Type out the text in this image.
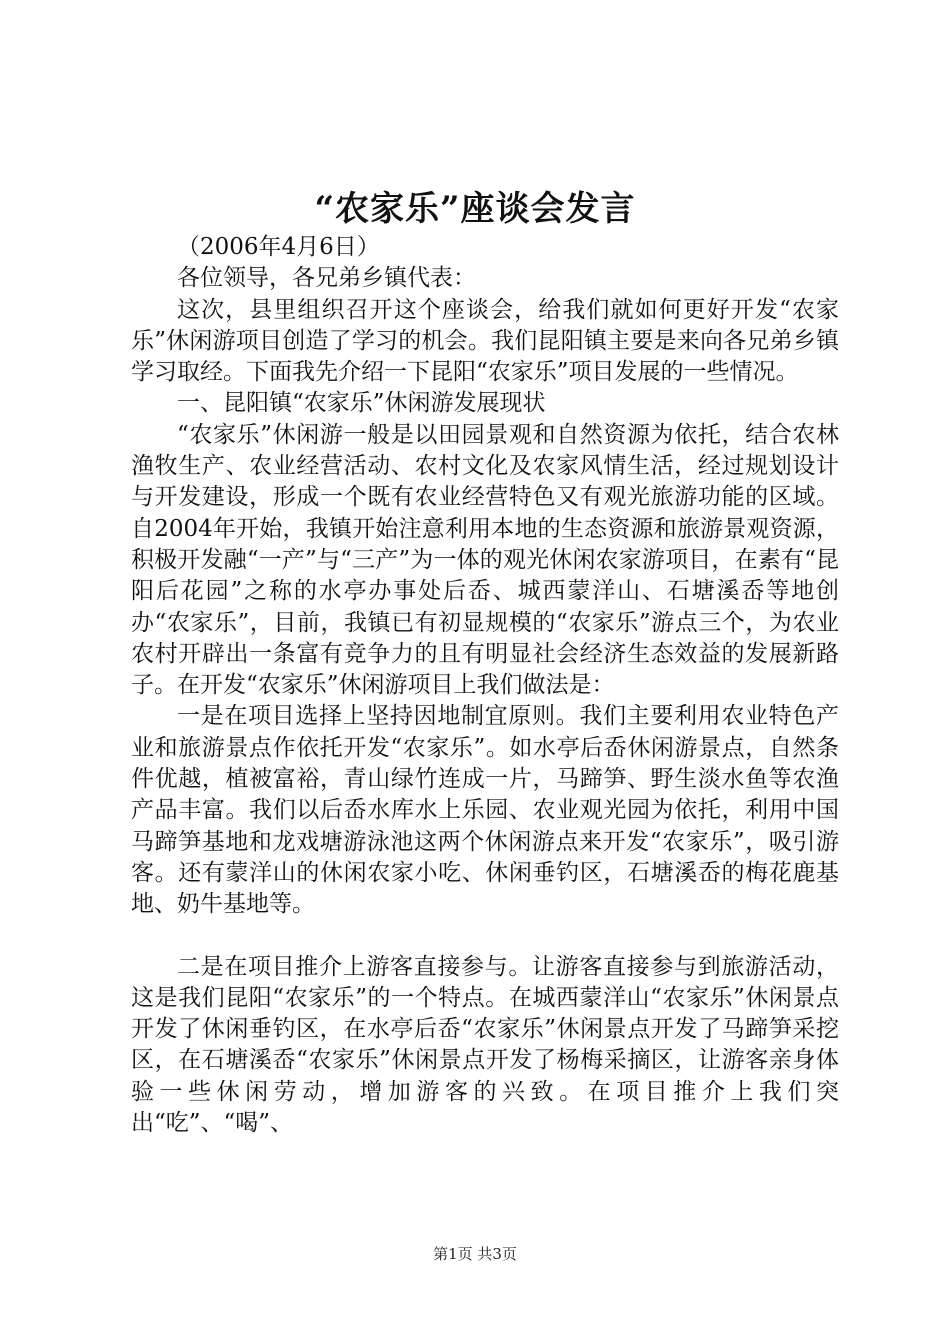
“农家乐”座谈会发言

（2006年4月6日）

各位领导，各兄弟乡镇代表：

这次，县里组织召开这个座谈会，给我们就如何更好开发“农家乐”休闲游项目创造了学习的机会。我们昆阳镇主要是来向各兄弟乡镇学习取经。下面我先介绍一下昆阳“农家乐”项目发展的一些情况。

一、昆阳镇“农家乐”休闲游发展现状

“农家乐”休闲游一般是以田园景观和自然资源为依托，结合农林渔牧生产、农业经营活动、农村文化及农家风情生活，经过规划设计与开发建设，形成一个既有农业经营特色又有观光旅游功能的区域。自2004年开始，我镇开始注意利用本地的生态资源和旅游景观资源，积极开发融“一产”与“三产”为一体的观光休闲农家游项目，在素有“昆阳后花园”之称的水亭办事处后岙、城西蒙洋山、石塘溪岙等地创办“农家乐”，目前，我镇已有初显规模的“农家乐”游点三个，为农业农村开辟出一条富有竞争力的且有明显社会经济生态效益的发展新路子。在开发“农家乐”休闲游项目上我们做法是：

一是在项目选择上坚持因地制宜原则。我们主要利用农业特色产业和旅游景点作依托开发“农家乐”。如水亭后岙休闲游景点，自然条件优越，植被富裕，青山绿竹连成一片，马蹄笋、野生淡水鱼等农渔产品丰富。我们以后岙水库水上乐园、农业观光园为依托，利用中国马蹄笋基地和龙戏塘游泳池这两个休闲游点来开发“农家乐”，吸引游客。还有蒙洋山的休闲农家小吃、休闲垂钓区，石塘溪岙的梅花鹿基地、奶牛基地等。

二是在项目推介上游客直接参与。让游客直接参与到旅游活动，这是我们昆阳“农家乐”的一个特点。在城西蒙洋山“农家乐”休闲景点开发了休闲垂钓区，在水亭后岙“农家乐”休闲景点开发了马蹄笋采挖区，在石塘溪岙“农家乐”休闲景点开发了杨梅采摘区，让游客亲身体验一些休闲劳动，增加游客的兴致。在项目推介上我们突出“吃”、“喝”、

第1页 共3页
